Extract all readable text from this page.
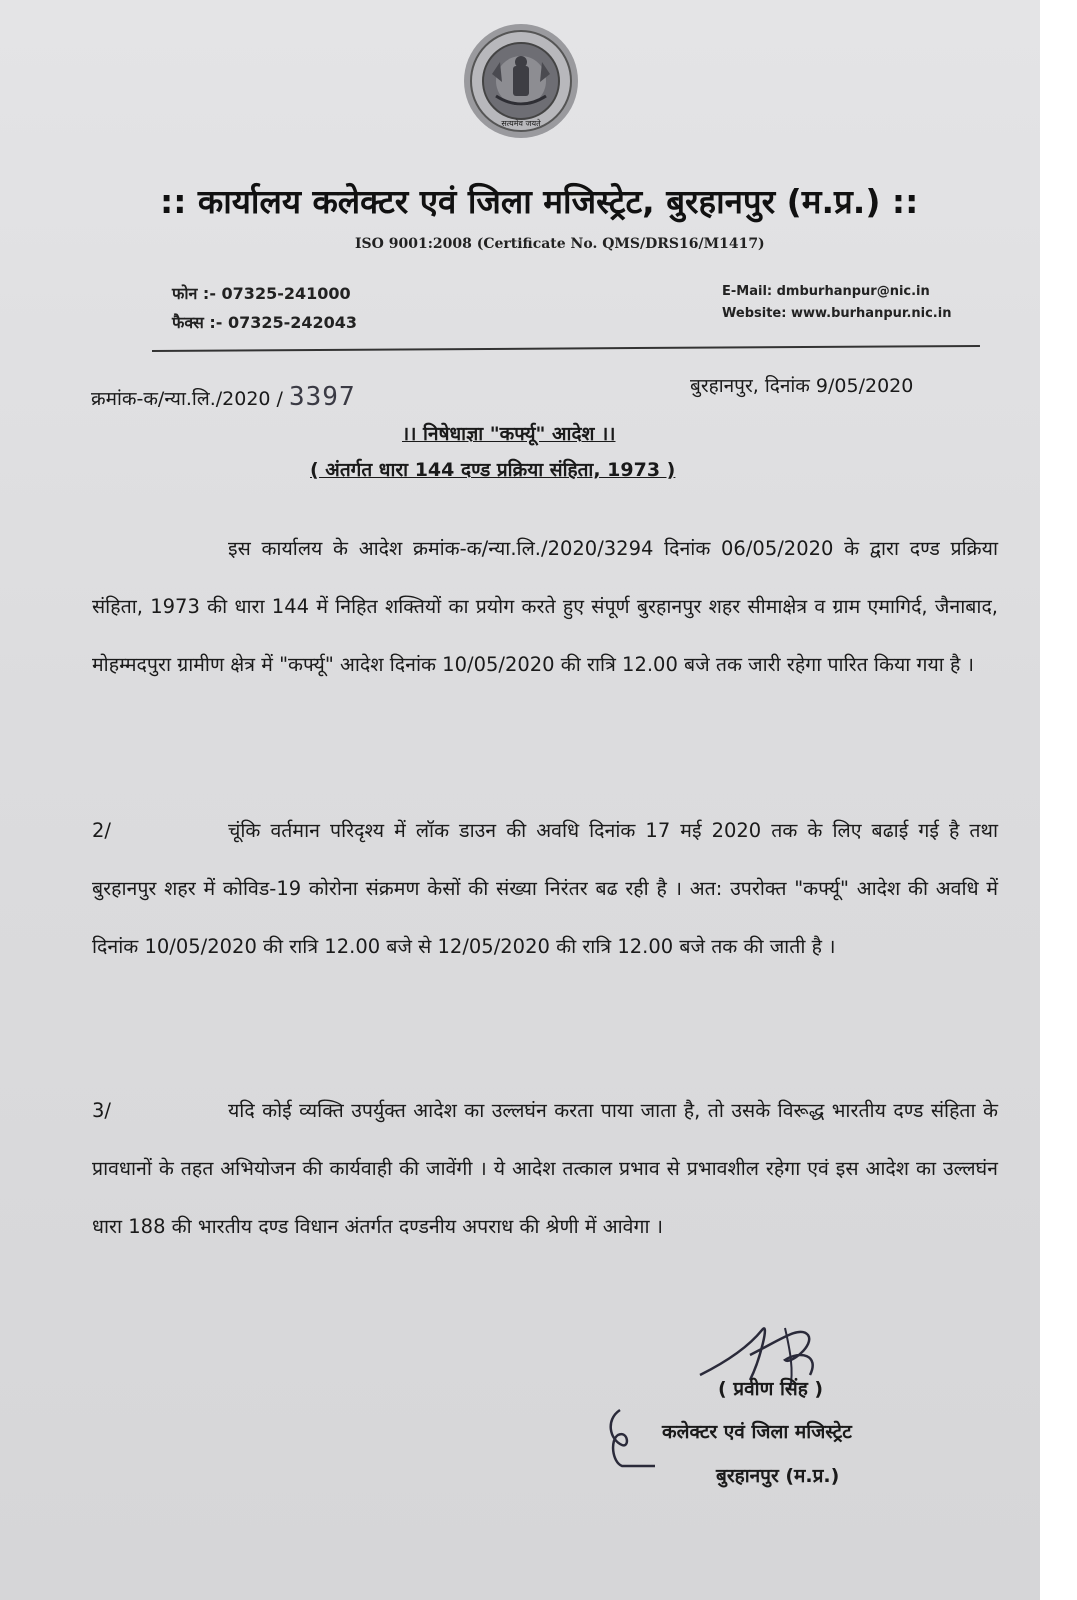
सत्यमेव जयते
:: कार्यालय कलेक्टर एवं जिला मजिस्ट्रेट, बुरहानपुर (म.प्र.) ::
ISO 9001:2008 (Certificate No. QMS/DRS16/M1417)
फोन :- 07325-241000
फैक्स :- 07325-242043
E-Mail: dmburhanpur@nic.in
Website: www.burhanpur.nic.in
क्रमांक-क/न्या.लि./2020 / 3397	बुरहानपुर, दिनांक 9/05/2020
।। निषेधाज्ञा "कर्फ्यू" आदेश ।।
( अंतर्गत धारा 144 दण्ड प्रक्रिया संहिता, 1973 )
इस कार्यालय के आदेश क्रमांक-क/न्या.लि./2020/3294 दिनांक 06/05/2020 के द्वारा दण्ड प्रक्रिया संहिता, 1973 की धारा 144 में निहित शक्तियों का प्रयोग करते हुए संपूर्ण बुरहानपुर शहर सीमाक्षेत्र व ग्राम एमागिर्द, जैनाबाद, मोहम्मदपुरा ग्रामीण क्षेत्र में "कर्फ्यू" आदेश दिनांक 10/05/2020 की रात्रि 12.00 बजे तक जारी रहेगा पारित किया गया है ।
2/	चूंकि वर्तमान परिदृश्य में लॉक डाउन की अवधि दिनांक 17 मई 2020 तक के लिए बढाई गई है तथा बुरहानपुर शहर में कोविड-19 कोरोना संक्रमण केसों की संख्या निरंतर बढ रही है । अत: उपरोक्त "कर्फ्यू" आदेश की अवधि में दिनांक 10/05/2020 की रात्रि 12.00 बजे से 12/05/2020 की रात्रि 12.00 बजे तक की जाती है ।
3/	यदि कोई व्यक्ति उपर्युक्त आदेश का उल्लघंन करता पाया जाता है, तो उसके विरूद्ध भारतीय दण्ड संहिता के प्रावधानों के तहत अभियोजन की कार्यवाही की जावेंगी । ये आदेश तत्काल प्रभाव से प्रभावशील रहेगा एवं इस आदेश का उल्लघंन धारा 188 की भारतीय दण्ड विधान अंतर्गत दण्डनीय अपराध की श्रेणी में आवेगा ।
( प्रवीण सिंह )
कलेक्टर एवं जिला मजिस्ट्रेट
बुरहानपुर (म.प्र.)
